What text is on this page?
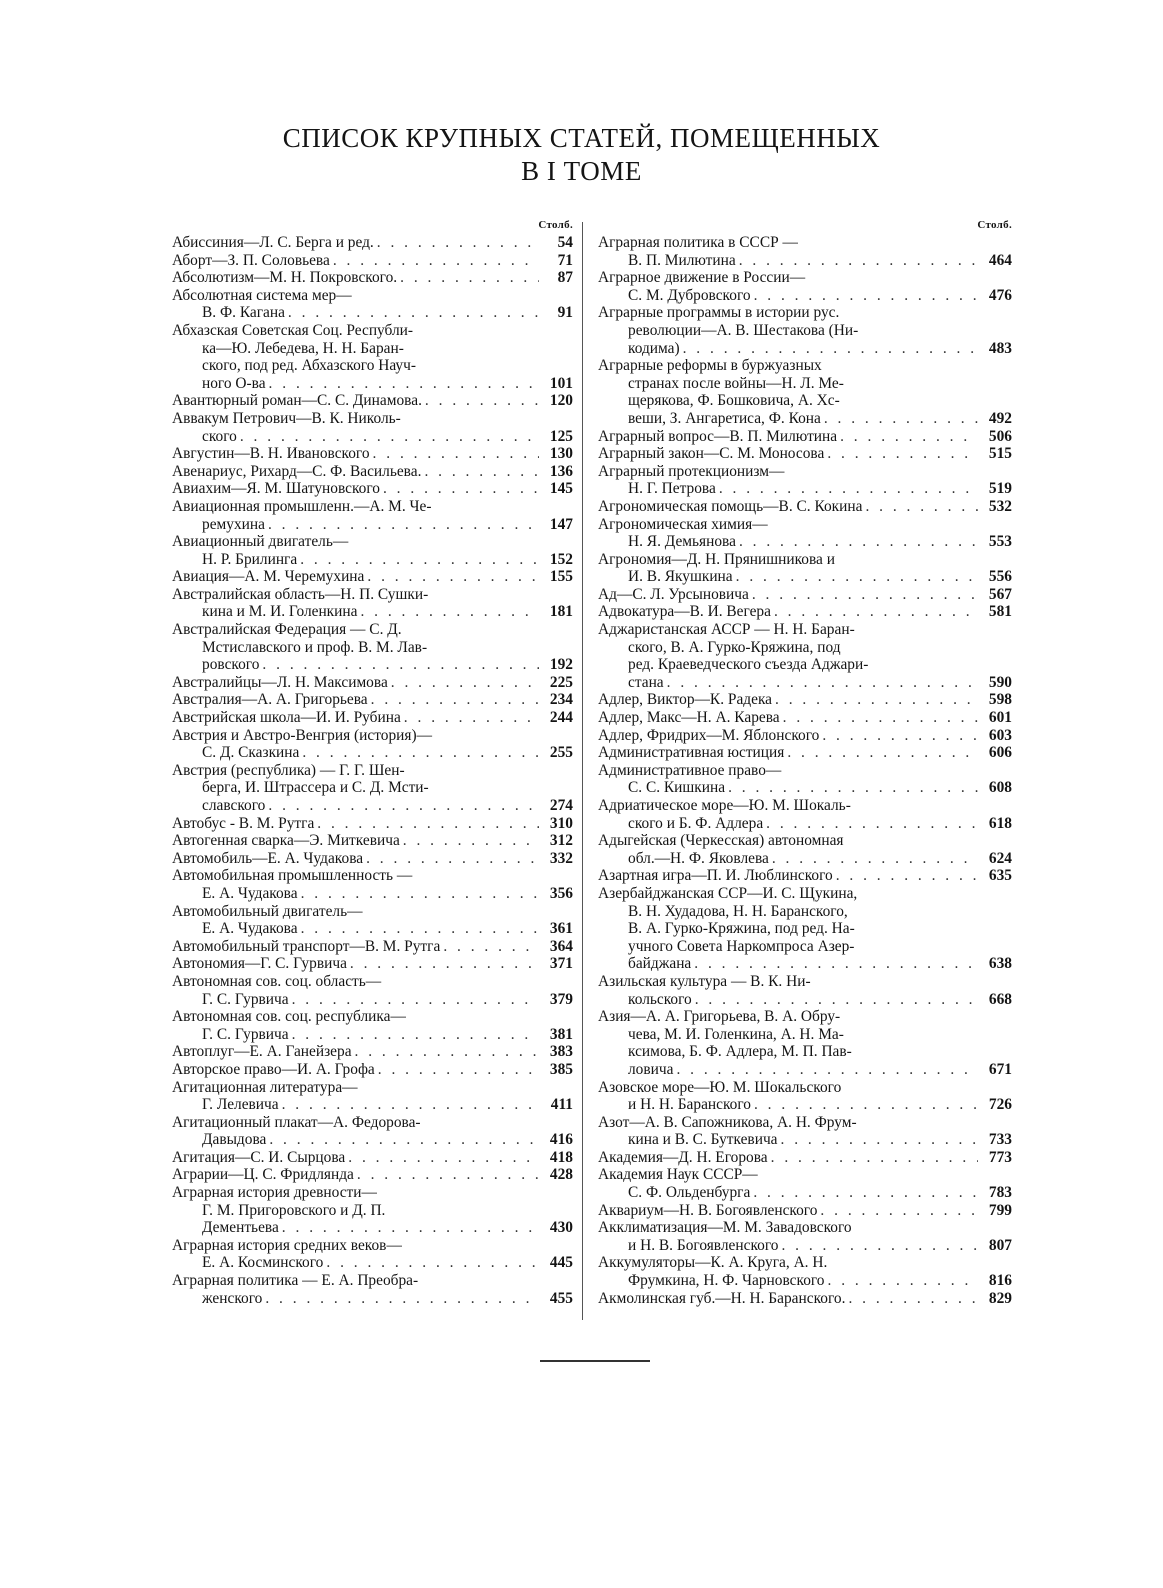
СПИСОК КРУПНЫХ СТАТЕЙ, ПОМЕЩЕННЫХ
В I ТОМЕ
Столб.
Абиссиния—Л. С. Берга и ред. . . .	54
Аборт—З. П. Соловьева . . .	71
Абсолютизм—М. Н. Покровского. . . .	87
Абсолютная система мер—
В. Ф. Кагана . . .	91
Абхазская Советская Соц. Республи-
ка—Ю. Лебедева, Н. Н. Баран-
ского, под ред. Абхазского Науч-
ного О-ва . . .	101
Авантюрный роман—С. С. Динамова. . . .	120
Аввакум Петрович—В. К. Николь-
ского . . .	125
Августин—В. Н. Ивановского . . .	130
Авенариус, Рихард—С. Ф. Васильева. . . .	136
Авиахим—Я. М. Шатуновского . . .	145
Авиационная промышленн.—А. М. Че-
ремухина . . .	147
Авиационный двигатель—
Н. Р. Брилинга . . .	152
Авиация—А. М. Черемухина . . .	155
Австралийская область—Н. П. Сушки-
кина и М. И. Голенкина . . .	181
Австралийская Федерация — С. Д.
Мстиславского и проф. В. М. Лав-
ровского . . .	192
Австралийцы—Л. Н. Максимова . . .	225
Австралия—А. А. Григорьева . . .	234
Австрийская школа—И. И. Рубина . . .	244
Австрия и Австро-Венгрия (история)—
С. Д. Сказкина . . .	255
Австрия (республика) — Г. Г. Шен-
берга, И. Штрассера и С. Д. Мсти-
славского . . .	274
Автобус - В. М. Рутга . . .	310
Автогенная сварка—Э. Миткевича . . .	312
Автомобиль—Е. А. Чудакова . . .	332
Автомобильная промышленность —
Е. А. Чудакова . . .	356
Автомобильный двигатель—
Е. А. Чудакова . . .	361
Автомобильный транспорт—В. М. Рутга . . .	364
Автономия—Г. С. Гурвича . . .	371
Автономная сов. соц. область—
Г. С. Гурвича . . .	379
Автономная сов. соц. республика—
Г. С. Гурвича . . .	381
Автоплуг—Е. А. Ганейзера . . .	383
Авторское право—И. А. Грофа . . .	385
Агитационная литература—
Г. Лелевича . . .	411
Агитационный плакат—А. Федорова-
Давыдова . . .	416
Агитация—С. И. Сырцова . . .	418
Аграрии—Ц. С. Фридлянда . . .	428
Аграрная история древности—
Г. М. Пригоровского и Д. П.
Дементьева . . .	430
Аграрная история средних веков—
Е. А. Косминского . . .	445
Аграрная политика — Е. А. Преобра-
женского . . .	455
Столб.
Аграрная политика в СССР —
В. П. Милютина . . .	464
Аграрное движение в России—
С. М. Дубровского . . .	476
Аграрные программы в истории рус.
революции—А. В. Шестакова (Ни-
кодима) . . .	483
Аграрные реформы в буржуазных
странах после войны—Н. Л. Ме-
щерякова, Ф. Бошковича, А. Хс-
веши, З. Ангаретиса, Ф. Кона . . .	492
Аграрный вопрос—В. П. Милютина . . .	506
Аграрный закон—С. М. Моносова . . .	515
Аграрный протекционизм—
Н. Г. Петрова . . .	519
Агрономическая помощь—В. С. Кокина . . .	532
Агрономическая химия—
Н. Я. Демьянова . . .	553
Агрономия—Д. Н. Прянишникова и
И. В. Якушкина . . .	556
Ад—С. Л. Урсыновича . . .	567
Адвокатура—В. И. Вегера . . .	581
Аджаристанская АССР — Н. Н. Баран-
ского, В. А. Гурко-Кряжина, под
ред. Краеведческого съезда Аджари-
стана . . .	590
Адлер, Виктор—К. Радека . . .	598
Адлер, Макс—Н. А. Карева . . .	601
Адлер, Фридрих—М. Яблонского . . .	603
Административная юстиция . . .	606
Административное право—
С. С. Кишкина . . .	608
Адриатическое море—Ю. М. Шокаль-
ского и Б. Ф. Адлера . . .	618
Адыгейская (Черкесская) автономная
обл.—Н. Ф. Яковлева . . .	624
Азартная игра—П. И. Люблинского . . .	635
Азербайджанская ССР—И. С. Щукина,
В. Н. Худадова, Н. Н. Баранского,
В. А. Гурко-Кряжина, под ред. На-
учного Совета Наркомпроса Азер-
байджана . . .	638
Азильская культура — В. К. Ни-
кольского . . .	668
Азия—А. А. Григорьева, В. А. Обру-
чева, М. И. Голенкина, А. Н. Ма-
ксимова, Б. Ф. Адлера, М. П. Пав-
ловича . . .	671
Азовское море—Ю. М. Шокальского
и Н. Н. Баранского . . .	726
Азот—А. В. Сапожникова, А. Н. Фрум-
кина и В. С. Буткевича . . .	733
Академия—Д. Н. Егорова . . .	773
Академия Наук СССР—
С. Ф. Ольденбурга . . .	783
Аквариум—Н. В. Богоявленского . . .	799
Акклиматизация—М. М. Завадовского
и Н. В. Богоявленского . . .	807
Аккумуляторы—К. А. Круга, А. Н.
Фрумкина, Н. Ф. Чарновского . . .	816
Акмолинская губ.—Н. Н. Баранского. . . .	829
